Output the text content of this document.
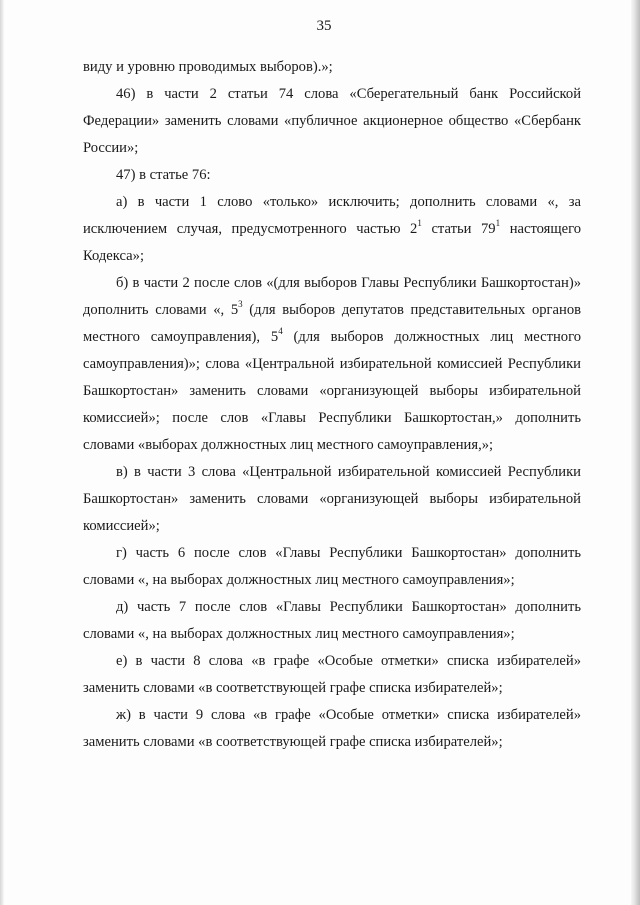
35

виду и уровню проводимых выборов).»;

46) в части 2 статьи 74 слова «Сберегательный банк Российской Федерации» заменить словами «публичное акционерное общество «Сбербанк России»;

47) в статье 76:

а) в части 1 слово «только» исключить; дополнить словами «, за исключением случая, предусмотренного частью $2^1$ статьи $79^1$ настоящего Кодекса»;

б) в части 2 после слов «(для выборов Главы Республики Башкортостан)» дополнить словами «, $5^3$ (для выборов депутатов представительных органов местного самоуправления), $5^4$ (для выборов должностных лиц местного самоуправления)»; слова «Центральной избирательной комиссией Республики Башкортостан» заменить словами «организующей выборы избирательной комиссией»; после слов «Главы Республики Башкортостан,» дополнить словами «выборах должностных лиц местного самоуправления,»;

в) в части 3 слова «Центральной избирательной комиссией Республики Башкортостан» заменить словами «организующей выборы избирательной комиссией»;

г) часть 6 после слов «Главы Республики Башкортостан» дополнить словами «, на выборах должностных лиц местного самоуправления»;

д) часть 7 после слов «Главы Республики Башкортостан» дополнить словами «, на выборах должностных лиц местного самоуправления»;

е) в части 8 слова «в графе «Особые отметки» списка избирателей» заменить словами «в соответствующей графе списка избирателей»;

ж) в части 9 слова «в графе «Особые отметки» списка избирателей» заменить словами «в соответствующей графе списка избирателей»;
